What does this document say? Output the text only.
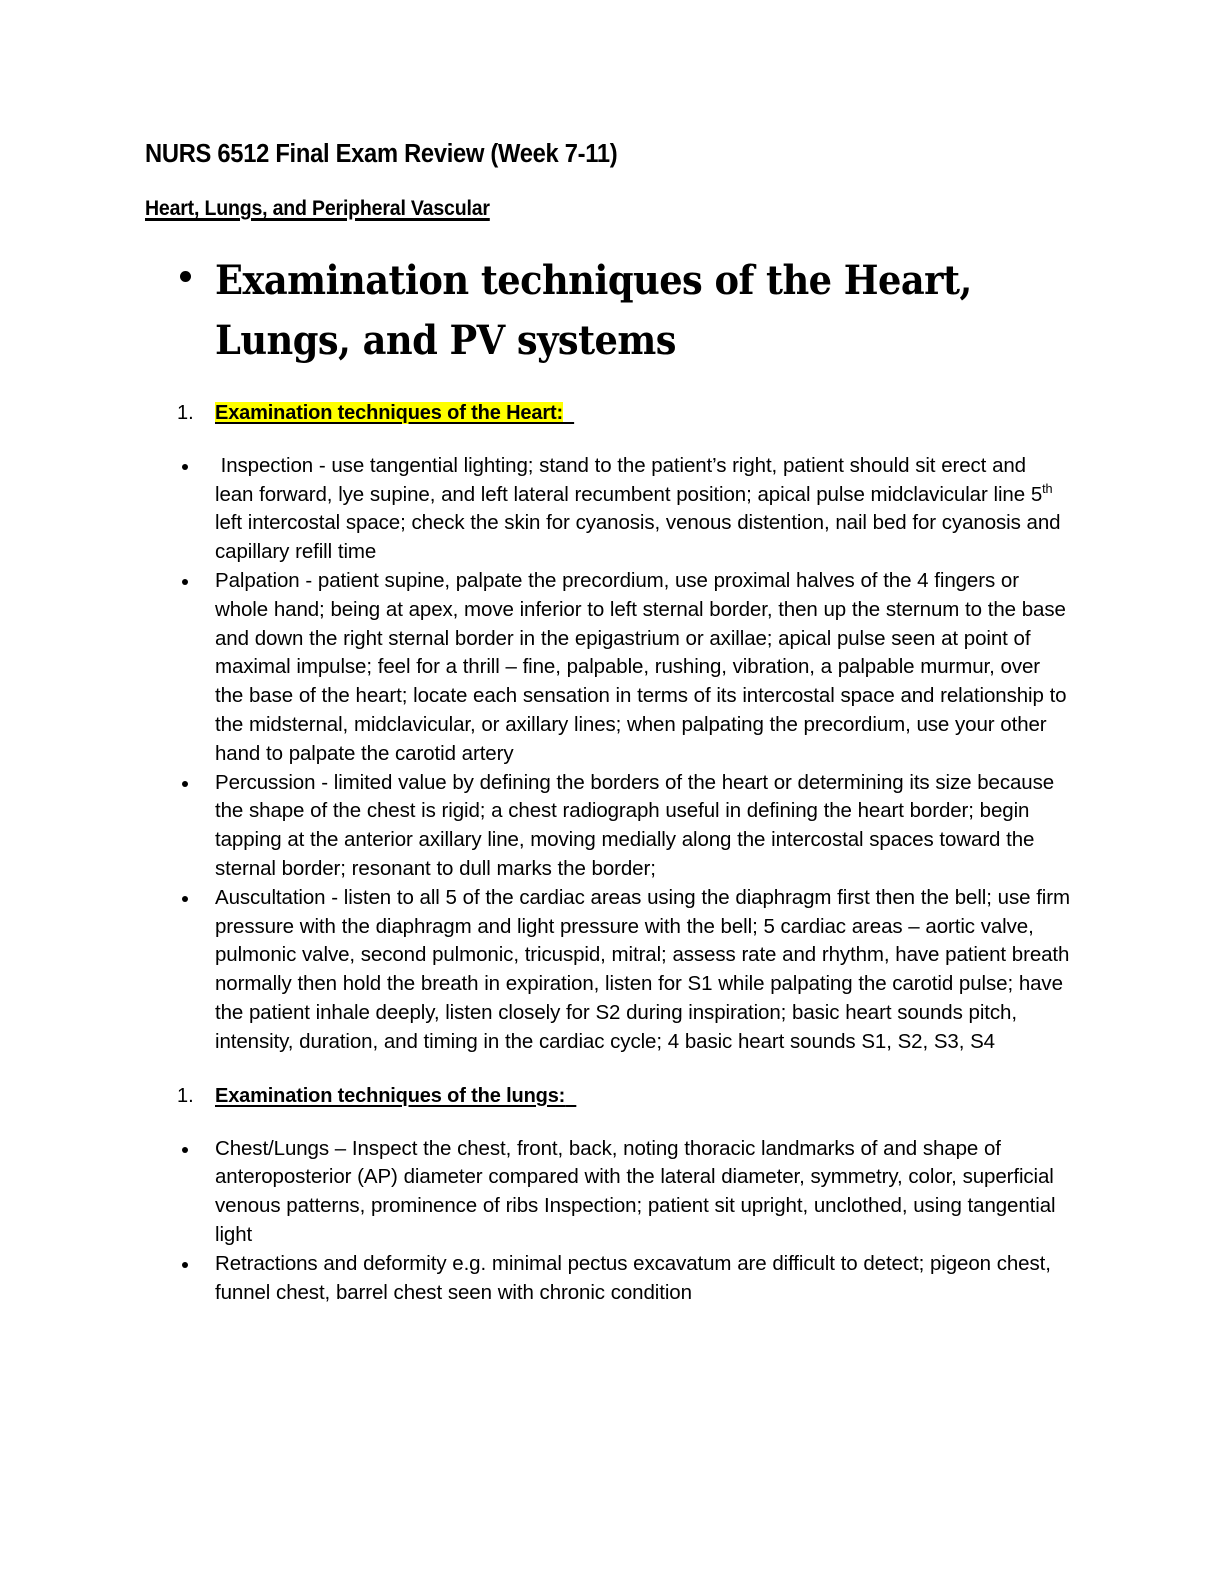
NURS 6512 Final Exam Review (Week 7-11)
Heart, Lungs, and Peripheral Vascular
Examination techniques of the Heart, Lungs, and PV systems
1. Examination techniques of the Heart:
Inspection - use tangential lighting; stand to the patient’s right, patient should sit erect and lean forward, lye supine, and left lateral recumbent position; apical pulse midclavicular line 5th left intercostal space; check the skin for cyanosis, venous distention, nail bed for cyanosis and capillary refill time
Palpation - patient supine, palpate the precordium, use proximal halves of the 4 fingers or whole hand; being at apex, move inferior to left sternal border, then up the sternum to the base and down the right sternal border in the epigastrium or axillae; apical pulse seen at point of maximal impulse; feel for a thrill – fine, palpable, rushing, vibration, a palpable murmur, over the base of the heart; locate each sensation in terms of its intercostal space and relationship to the midsternal, midclavicular, or axillary lines; when palpating the precordium, use your other hand to palpate the carotid artery
Percussion - limited value by defining the borders of the heart or determining its size because the shape of the chest is rigid; a chest radiograph useful in defining the heart border; begin tapping at the anterior axillary line, moving medially along the intercostal spaces toward the sternal border; resonant to dull marks the border;
Auscultation - listen to all 5 of the cardiac areas using the diaphragm first then the bell; use firm pressure with the diaphragm and light pressure with the bell; 5 cardiac areas – aortic valve, pulmonic valve, second pulmonic, tricuspid, mitral; assess rate and rhythm, have patient breath normally then hold the breath in expiration, listen for S1 while palpating the carotid pulse; have the patient inhale deeply, listen closely for S2 during inspiration; basic heart sounds pitch, intensity, duration, and timing in the cardiac cycle; 4 basic heart sounds S1, S2, S3, S4
1. Examination techniques of the lungs:
Chest/Lungs – Inspect the chest, front, back, noting thoracic landmarks of and shape of anteroposterior (AP) diameter compared with the lateral diameter, symmetry, color, superficial venous patterns, prominence of ribs Inspection; patient sit upright, unclothed, using tangential light
Retractions and deformity e.g. minimal pectus excavatum are difficult to detect; pigeon chest, funnel chest, barrel chest seen with chronic condition
